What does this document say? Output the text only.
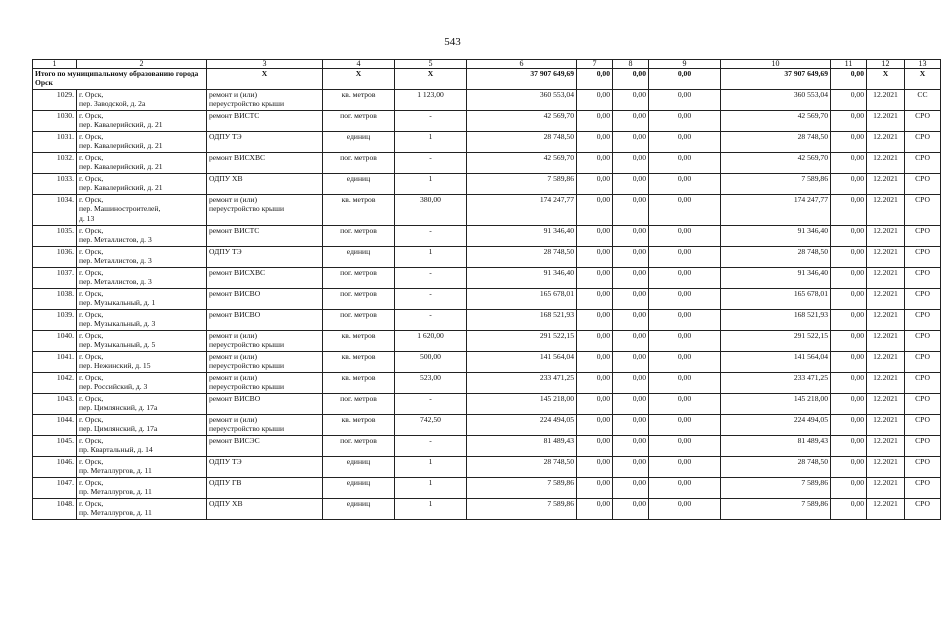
543
1	2	3	4	5	6	7	8	9	10	11	12	13
Итого по муниципальному образованию города Орск		X	X	X	37 907 649,69	0,00	0,00	0,00	37 907 649,69	0,00	X	X
1029.	г. Орск,
пер. Заводской, д. 2а	ремонт и (или)
переустройство крыши	кв. метров	1 123,00	360 553,04	0,00	0,00	0,00	360 553,04	0,00	12.2021	СС
1030.	г. Орск,
пер. Кавалерийский, д. 21	ремонт ВИСТС	пог. метров	-	42 569,70	0,00	0,00	0,00	42 569,70	0,00	12.2021	СРО
1031.	г. Орск,
пер. Кавалерийский, д. 21	ОДПУ ТЭ	единиц	1	28 748,50	0,00	0,00	0,00	28 748,50	0,00	12.2021	СРО
1032.	г. Орск,
пер. Кавалерийский, д. 21	ремонт ВИСХВС	пог. метров	-	42 569,70	0,00	0,00	0,00	42 569,70	0,00	12.2021	СРО
1033.	г. Орск,
пер. Кавалерийский, д. 21	ОДПУ ХВ	единиц	1	7 589,86	0,00	0,00	0,00	7 589,86	0,00	12.2021	СРО
1034.	г. Орск,
пер. Машиностроителей,
д. 13	ремонт и (или)
переустройство крыши	кв. метров	380,00	174 247,77	0,00	0,00	0,00	174 247,77	0,00	12.2021	СРО
1035.	г. Орск,
пер. Металлистов, д. 3	ремонт ВИСТС	пог. метров	-	91 346,40	0,00	0,00	0,00	91 346,40	0,00	12.2021	СРО
1036.	г. Орск,
пер. Металлистов, д. 3	ОДПУ ТЭ	единиц	1	28 748,50	0,00	0,00	0,00	28 748,50	0,00	12.2021	СРО
1037.	г. Орск,
пер. Металлистов, д. 3	ремонт ВИСХВС	пог. метров	-	91 346,40	0,00	0,00	0,00	91 346,40	0,00	12.2021	СРО
1038.	г. Орск,
пер. Музыкальный, д. 1	ремонт ВИСВО	пог. метров	-	165 678,01	0,00	0,00	0,00	165 678,01	0,00	12.2021	СРО
1039.	г. Орск,
пер. Музыкальный, д. 3	ремонт ВИСВО	пог. метров	-	168 521,93	0,00	0,00	0,00	168 521,93	0,00	12.2021	СРО
1040.	г. Орск,
пер. Музыкальный, д. 5	ремонт и (или)
переустройство крыши	кв. метров	1 620,00	291 522,15	0,00	0,00	0,00	291 522,15	0,00	12.2021	СРО
1041.	г. Орск,
пер. Нежинский, д. 15	ремонт и (или)
переустройство крыши	кв. метров	500,00	141 564,04	0,00	0,00	0,00	141 564,04	0,00	12.2021	СРО
1042.	г. Орск,
пер. Российский, д. 3	ремонт и (или)
переустройство крыши	кв. метров	523,00	233 471,25	0,00	0,00	0,00	233 471,25	0,00	12.2021	СРО
1043.	г. Орск,
пер. Цимлянский, д. 17а	ремонт ВИСВО	пог. метров	-	145 218,00	0,00	0,00	0,00	145 218,00	0,00	12.2021	СРО
1044.	г. Орск,
пер. Цимлянский, д. 17а	ремонт и (или)
переустройство крыши	кв. метров	742,50	224 494,05	0,00	0,00	0,00	224 494,05	0,00	12.2021	СРО
1045.	г. Орск,
пр. Квартальный, д. 14	ремонт ВИСЭС	пог. метров	-	81 489,43	0,00	0,00	0,00	81 489,43	0,00	12.2021	СРО
1046.	г. Орск,
пр. Металлургов, д. 11	ОДПУ ТЭ	единиц	1	28 748,50	0,00	0,00	0,00	28 748,50	0,00	12.2021	СРО
1047.	г. Орск,
пр. Металлургов, д. 11	ОДПУ ГВ	единиц	1	7 589,86	0,00	0,00	0,00	7 589,86	0,00	12.2021	СРО
1048.	г. Орск,
пр. Металлургов, д. 11	ОДПУ ХВ	единиц	1	7 589,86	0,00	0,00	0,00	7 589,86	0,00	12.2021	СРО
